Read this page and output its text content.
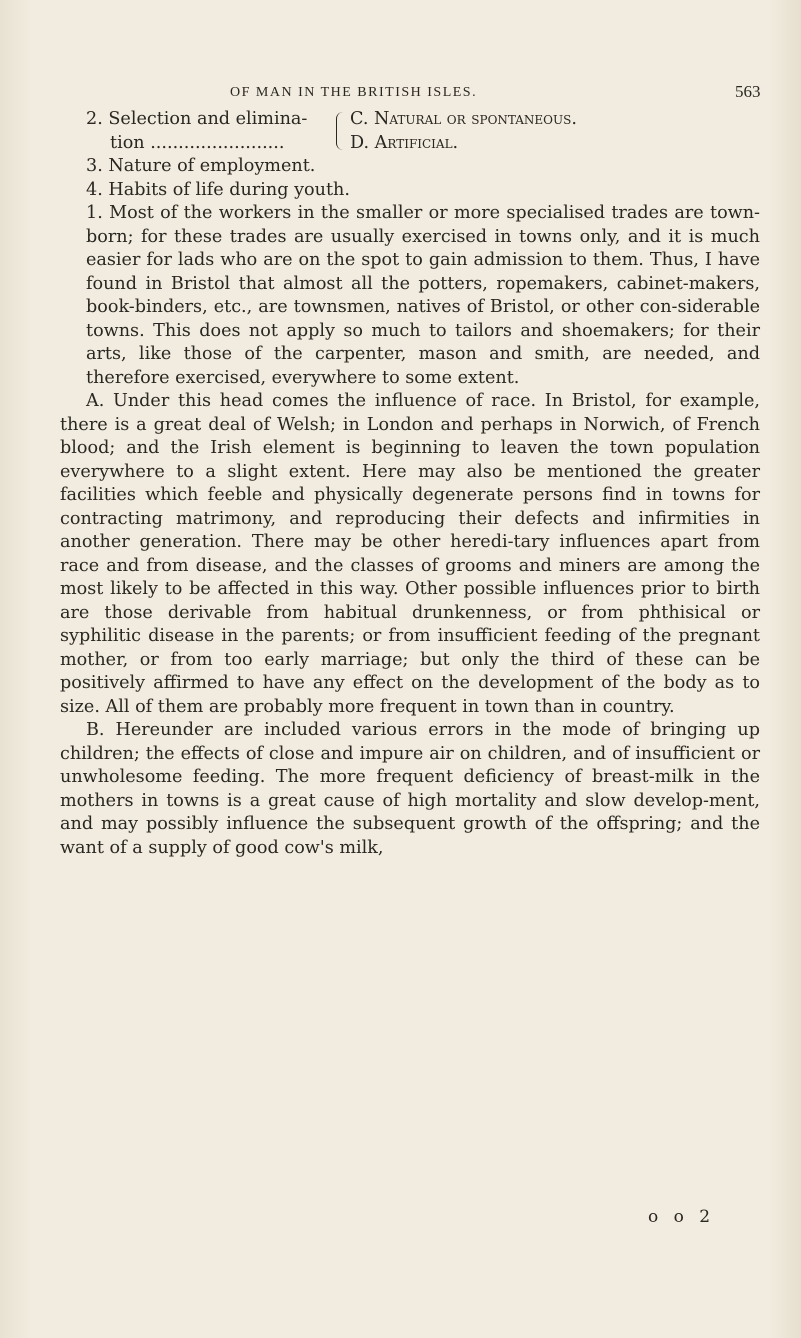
OF MAN IN THE BRITISH ISLES.	563
2. Selection and elimina-
tion ........................
C. Natural or spontaneous.
D. Artificial.
3. Nature of employment.
4. Habits of life during youth.
1. Most of the workers in the smaller or more specialised trades are town-born; for these trades are usually exercised in towns only, and it is much easier for lads who are on the spot to gain admission to them. Thus, I have found in Bristol that almost all the potters, ropemakers, cabinet-makers, book-binders, etc., are townsmen, natives of Bristol, or other con-siderable towns. This does not apply so much to tailors and shoemakers; for their arts, like those of the carpenter, mason and smith, are needed, and therefore exercised, everywhere to some extent.
A. Under this head comes the influence of race. In Bristol, for example, there is a great deal of Welsh; in London and perhaps in Norwich, of French blood; and the Irish element is beginning to leaven the town population everywhere to a slight extent. Here may also be mentioned the greater facilities which feeble and physically degenerate persons find in towns for contracting matrimony, and reproducing their defects and infirmities in another generation. There may be other heredi-tary influences apart from race and from disease, and the classes of grooms and miners are among the most likely to be affected in this way. Other possible influences prior to birth are those derivable from habitual drunkenness, or from phthisical or syphilitic disease in the parents; or from insufficient feeding of the pregnant mother, or from too early marriage; but only the third of these can be positively affirmed to have any effect on the development of the body as to size. All of them are probably more frequent in town than in country.
B. Hereunder are included various errors in the mode of bringing up children; the effects of close and impure air on children, and of insufficient or unwholesome feeding. The more frequent deficiency of breast-milk in the mothers in towns is a great cause of high mortality and slow develop-ment, and may possibly influence the subsequent growth of the offspring; and the want of a supply of good cow's milk,
o o 2
